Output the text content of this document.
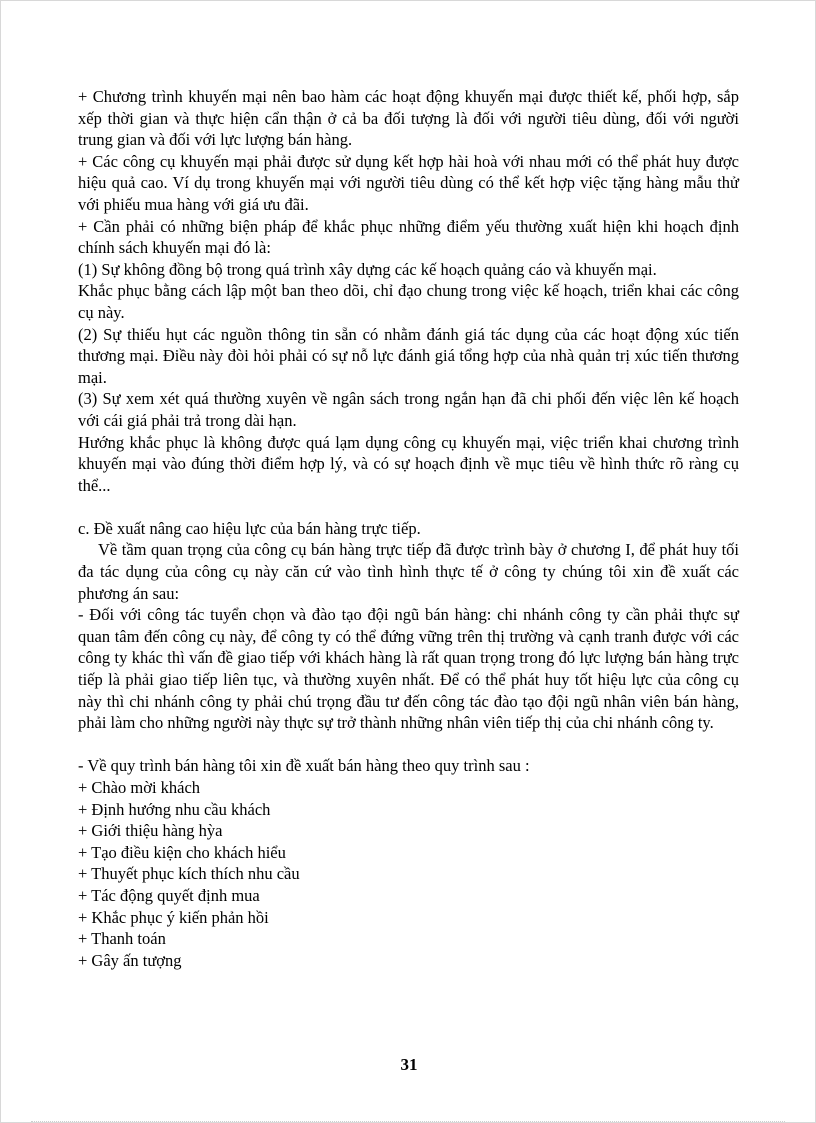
+ Chương trình khuyến mại nên bao hàm các hoạt động khuyến mại được thiết kế, phối hợp, sắp xếp thời gian và thực hiện cẩn thận ở cả ba đối tượng là đối với người tiêu dùng, đối với người trung gian và đối với lực lượng bán hàng.

+ Các công cụ khuyến mại phải được sử dụng kết hợp hài hoà với nhau mới có thể phát huy được hiệu quả cao. Ví dụ trong khuyến mại với người tiêu dùng có thể kết hợp việc tặng hàng mẫu thử với phiếu mua hàng với giá ưu đãi.

+ Cần phải có những biện pháp để khắc phục những điểm yếu thường xuất hiện khi hoạch định chính sách khuyến mại đó là:

(1) Sự không đồng bộ trong quá trình xây dựng các kế hoạch quảng cáo và khuyến mại.

Khắc phục bằng cách lập một ban theo dõi, chỉ đạo chung trong việc kế hoạch, triển khai các công cụ này.

(2) Sự thiếu hụt các nguồn thông tin sẵn có nhằm đánh giá tác dụng của các hoạt động xúc tiến thương mại. Điều này đòi hỏi phải có sự nỗ lực đánh giá tổng hợp của nhà quản trị xúc tiến thương mại.

(3) Sự xem xét quá thường xuyên về ngân sách trong ngắn hạn đã chi phối đến việc lên kế hoạch với cái giá phải trả trong dài hạn.

Hướng khắc phục là không được quá lạm dụng công cụ khuyến mại, việc triển khai chương trình khuyến mại vào đúng thời điểm hợp lý, và có sự hoạch định về mục tiêu về hình thức rõ ràng cụ thể...

c. Đề xuất nâng cao hiệu lực của bán hàng trực tiếp.

Về tầm quan trọng của công cụ bán hàng trực tiếp đã được trình bày ở chương I, để phát huy tối đa tác dụng của công cụ này căn cứ vào tình hình thực tế ở công ty chúng tôi xin đề xuất các phương án sau:

- Đối với công tác tuyển chọn và đào tạo đội ngũ bán hàng: chi nhánh công ty cần phải thực sự quan tâm đến công cụ này, để công ty có thể đứng vững trên thị trường và cạnh tranh được với các công ty khác thì vấn đề giao tiếp với khách hàng là rất quan trọng trong đó lực lượng bán hàng trực tiếp là phải giao tiếp liên tục, và thường xuyên nhất. Để có thể phát huy tốt hiệu lực của công cụ này thì chi nhánh công ty phải chú trọng đầu tư đến công tác đào tạo đội ngũ nhân viên bán hàng, phải làm cho những người này thực sự trở thành những nhân viên tiếp thị của chi nhánh công ty.

- Về quy trình bán hàng tôi xin đề xuất bán hàng theo quy trình sau :

+ Chào mời khách

+ Định hướng nhu cầu khách

+ Giới thiệu hàng hỳa

+ Tạo điều kiện cho khách hiểu

+ Thuyết phục kích thích nhu cầu

+ Tác động quyết định mua

+ Khắc phục ý kiến phản hồi

+ Thanh toán

+ Gây ấn tượng

31
